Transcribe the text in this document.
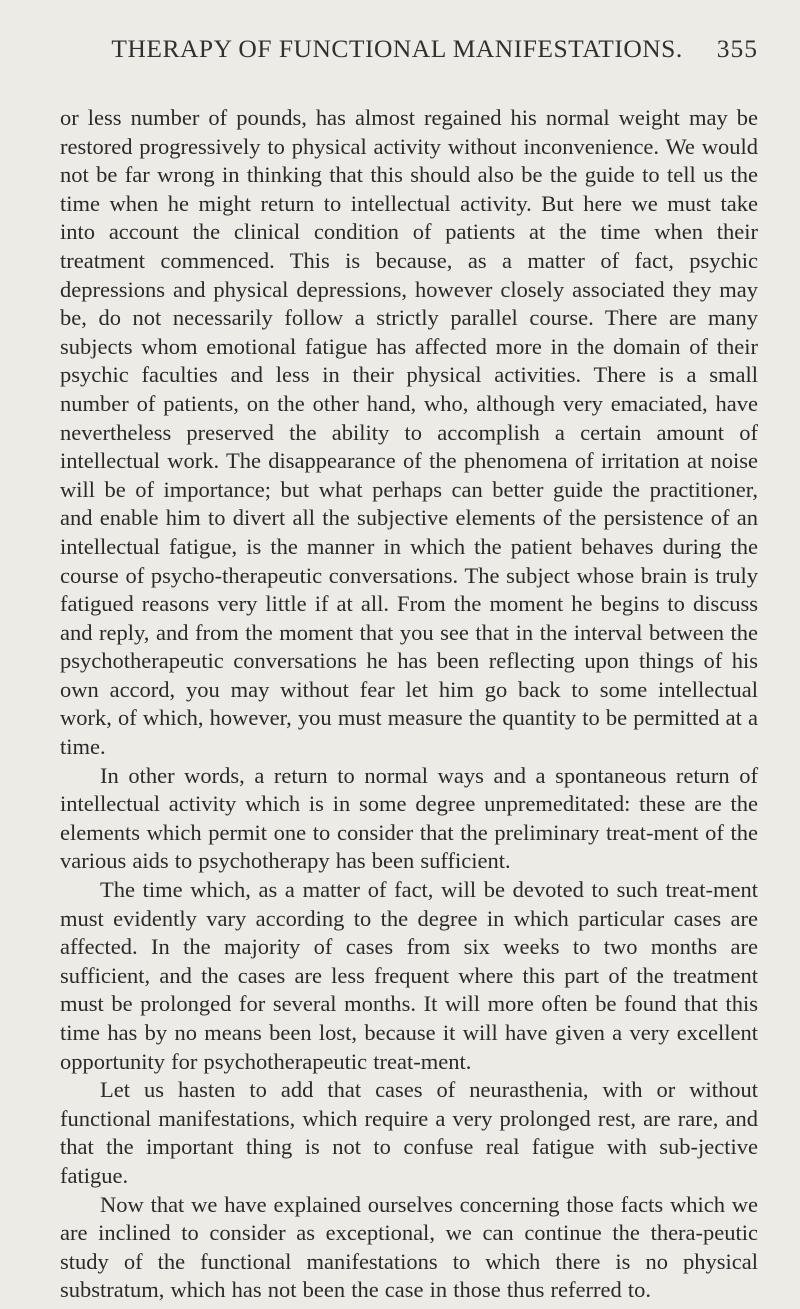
THERAPY OF FUNCTIONAL MANIFESTATIONS. 355

or less number of pounds, has almost regained his normal weight may be restored progressively to physical activity without inconvenience. We would not be far wrong in thinking that this should also be the guide to tell us the time when he might return to intellectual activity. But here we must take into account the clinical condition of patients at the time when their treatment commenced. This is because, as a matter of fact, psychic depressions and physical depressions, however closely associated they may be, do not necessarily follow a strictly parallel course. There are many subjects whom emotional fatigue has affected more in the domain of their psychic faculties and less in their physical activities. There is a small number of patients, on the other hand, who, although very emaciated, have nevertheless preserved the ability to accomplish a certain amount of intellectual work. The disappearance of the phenomena of irritation at noise will be of importance; but what perhaps can better guide the practitioner, and enable him to divert all the subjective elements of the persistence of an intellectual fatigue, is the manner in which the patient behaves during the course of psycho-therapeutic conversations. The subject whose brain is truly fatigued reasons very little if at all. From the moment he begins to discuss and reply, and from the moment that you see that in the interval between the psychotherapeutic conversations he has been reflecting upon things of his own accord, you may without fear let him go back to some intellectual work, of which, however, you must measure the quantity to be permitted at a time.

In other words, a return to normal ways and a spontaneous return of intellectual activity which is in some degree unpremeditated: these are the elements which permit one to consider that the preliminary treat-ment of the various aids to psychotherapy has been sufficient.

The time which, as a matter of fact, will be devoted to such treat-ment must evidently vary according to the degree in which particular cases are affected. In the majority of cases from six weeks to two months are sufficient, and the cases are less frequent where this part of the treatment must be prolonged for several months. It will more often be found that this time has by no means been lost, because it will have given a very excellent opportunity for psychotherapeutic treat-ment.

Let us hasten to add that cases of neurasthenia, with or without functional manifestations, which require a very prolonged rest, are rare, and that the important thing is not to confuse real fatigue with sub-jective fatigue.

Now that we have explained ourselves concerning those facts which we are inclined to consider as exceptional, we can continue the thera-peutic study of the functional manifestations to which there is no physical substratum, which has not been the case in those thus referred to.
